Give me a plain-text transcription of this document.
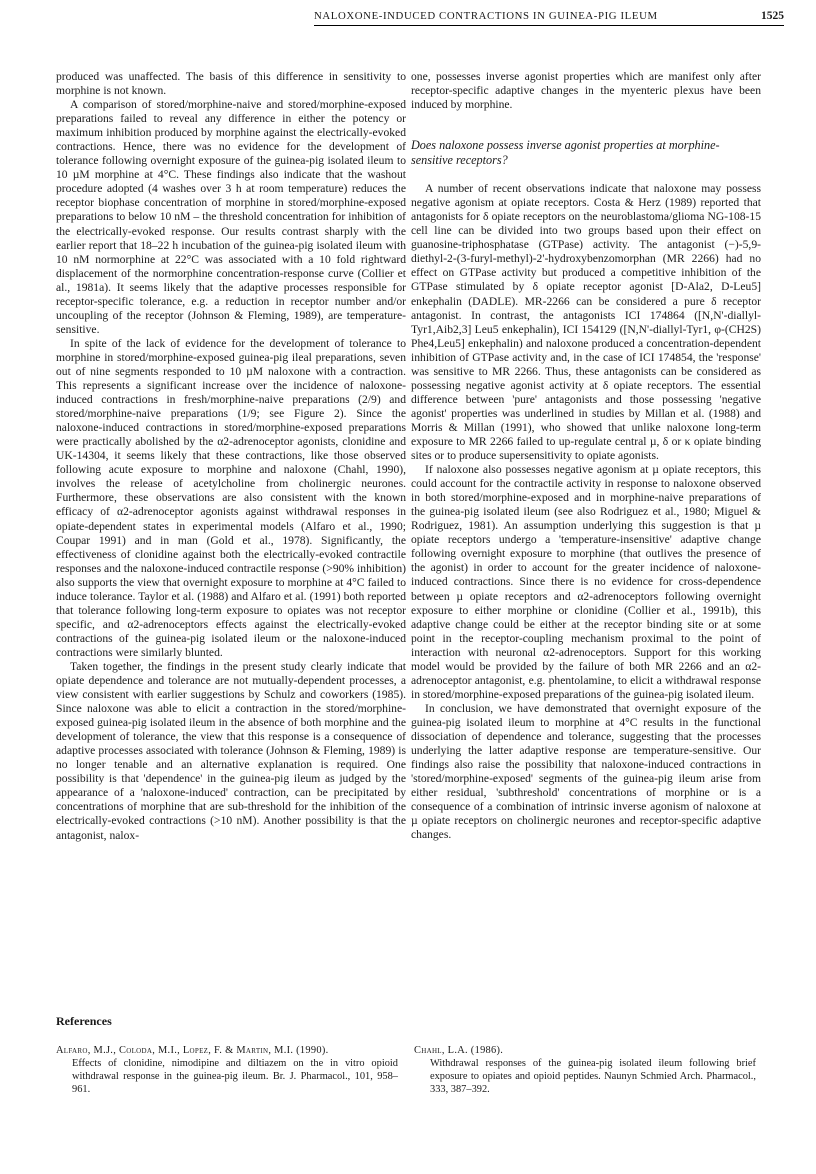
NALOXONE-INDUCED CONTRACTIONS IN GUINEA-PIG ILEUM	1525

produced was unaffected. The basis of this difference in sensitivity to morphine is not known.

A comparison of stored/morphine-naive and stored/morphine-exposed preparations failed to reveal any difference in either the potency or maximum inhibition produced by morphine against the electrically-evoked contractions. Hence, there was no evidence for the development of tolerance following overnight exposure of the guinea-pig isolated ileum to 10 µM morphine at 4°C. These findings also indicate that the washout procedure adopted (4 washes over 3 h at room temperature) reduces the receptor biophase concentration of morphine in stored/morphine-exposed preparations to below 10 nM – the threshold concentration for inhibition of the electrically-evoked response. Our results contrast sharply with the earlier report that 18–22 h incubation of the guinea-pig isolated ileum with 10 nM normorphine at 22°C was associated with a 10 fold rightward displacement of the normorphine concentration-response curve (Collier et al., 1981a). It seems likely that the adaptive processes responsible for receptor-specific tolerance, e.g. a reduction in receptor number and/or uncoupling of the receptor (Johnson & Fleming, 1989), are temperature-sensitive.

In spite of the lack of evidence for the development of tolerance to morphine in stored/morphine-exposed guinea-pig ileal preparations, seven out of nine segments responded to 10 µM naloxone with a contraction. This represents a significant increase over the incidence of naloxone-induced contractions in fresh/morphine-naive preparations (2/9) and stored/morphine-naive preparations (1/9; see Figure 2). Since the naloxone-induced contractions in stored/morphine-exposed preparations were practically abolished by the α2-adrenoceptor agonists, clonidine and UK-14304, it seems likely that these contractions, like those observed following acute exposure to morphine and naloxone (Chahl, 1990), involves the release of acetylcholine from cholinergic neurones. Furthermore, these observations are also consistent with the known efficacy of α2-adrenoceptor agonists against withdrawal responses in opiate-dependent states in experimental models (Alfaro et al., 1990; Coupar 1991) and in man (Gold et al., 1978). Significantly, the effectiveness of clonidine against both the electrically-evoked contractile responses and the naloxone-induced contractile response (>90% inhibition) also supports the view that overnight exposure to morphine at 4°C failed to induce tolerance. Taylor et al. (1988) and Alfaro et al. (1991) both reported that tolerance following long-term exposure to opiates was not receptor specific, and α2-adrenoceptors effects against the electrically-evoked contractions of the guinea-pig isolated ileum or the naloxone-induced contractions were similarly blunted.

Taken together, the findings in the present study clearly indicate that opiate dependence and tolerance are not mutually-dependent processes, a view consistent with earlier suggestions by Schulz and coworkers (1985). Since naloxone was able to elicit a contraction in the stored/morphine-exposed guinea-pig isolated ileum in the absence of both morphine and the development of tolerance, the view that this response is a consequence of adaptive processes associated with tolerance (Johnson & Fleming, 1989) is no longer tenable and an alternative explanation is required. One possibility is that 'dependence' in the guinea-pig ileum as judged by the appearance of a 'naloxone-induced' contraction, can be precipitated by concentrations of morphine that are sub-threshold for the inhibition of the electrically-evoked contractions (>10 nM). Another possibility is that the antagonist, nalox-

one, possesses inverse agonist properties which are manifest only after receptor-specific adaptive changes in the myenteric plexus have been induced by morphine.

Does naloxone possess inverse agonist properties at morphine-sensitive receptors?

A number of recent observations indicate that naloxone may possess negative agonism at opiate receptors. Costa & Herz (1989) reported that antagonists for δ opiate receptors on the neuroblastoma/glioma NG-108-15 cell line can be divided into two groups based upon their effect on guanosine-triphosphatase (GTPase) activity. The antagonist (−)-5,9-diethyl-2-(3-furyl-methyl)-2'-hydroxybenzomorphan (MR 2266) had no effect on GTPase activity but produced a competitive inhibition of the GTPase stimulated by δ opiate receptor agonist [D-Ala2, D-Leu5] enkephalin (DADLE). MR-2266 can be considered a pure δ receptor antagonist. In contrast, the antagonists ICI 174864 ([N,N'-diallyl-Tyr1,Aib2,3] Leu5 enkephalin), ICI 154129 ([N,N'-diallyl-Tyr1, φ-(CH2S) Phe4,Leu5] enkephalin) and naloxone produced a concentration-dependent inhibition of GTPase activity and, in the case of ICI 174854, the 'response' was sensitive to MR 2266. Thus, these antagonists can be considered as possessing negative agonist activity at δ opiate receptors. The essential difference between 'pure' antagonists and those possessing 'negative agonist' properties was underlined in studies by Millan et al. (1988) and Morris & Millan (1991), who showed that unlike naloxone long-term exposure to MR 2266 failed to up-regulate central µ, δ or κ opiate binding sites or to produce supersensitivity to opiate agonists.

If naloxone also possesses negative agonism at µ opiate receptors, this could account for the contractile activity in response to naloxone observed in both stored/morphine-exposed and in morphine-naive preparations of the guinea-pig isolated ileum (see also Rodriguez et al., 1980; Miguel & Rodriguez, 1981). An assumption underlying this suggestion is that µ opiate receptors undergo a 'temperature-insensitive' adaptive change following overnight exposure to morphine (that outlives the presence of the agonist) in order to account for the greater incidence of naloxone-induced contractions. Since there is no evidence for cross-dependence between µ opiate receptors and α2-adrenoceptors following overnight exposure to either morphine or clonidine (Collier et al., 1991b), this adaptive change could be either at the receptor binding site or at some point in the receptor-coupling mechanism proximal to the point of interaction with neuronal α2-adrenoceptors. Support for this working model would be provided by the failure of both MR 2266 and an α2-adrenoceptor antagonist, e.g. phentolamine, to elicit a withdrawal response in stored/morphine-exposed preparations of the guinea-pig isolated ileum.

In conclusion, we have demonstrated that overnight exposure of the guinea-pig isolated ileum to morphine at 4°C results in the functional dissociation of dependence and tolerance, suggesting that the processes underlying the latter adaptive response are temperature-sensitive. Our findings also raise the possibility that naloxone-induced contractions in 'stored/morphine-exposed' segments of the guinea-pig ileum arise from either residual, 'subthreshold' concentrations of morphine or is a consequence of a combination of intrinsic inverse agonism of naloxone at µ opiate receptors on cholinergic neurones and receptor-specific adaptive changes.

References
Alfaro, M.J., Coloda, M.I., Lopez, F. & Martin, M.I. (1990).
Effects of clonidine, nimodipine and diltiazem on the in vitro opioid withdrawal response in the guinea-pig ileum. Br. J. Pharmacol., 101, 958–961.
Chahl, L.A. (1986).
Withdrawal responses of the guinea-pig isolated ileum following brief exposure to opiates and opioid peptides. Naunyn Schmied Arch. Pharmacol., 333, 387–392.
